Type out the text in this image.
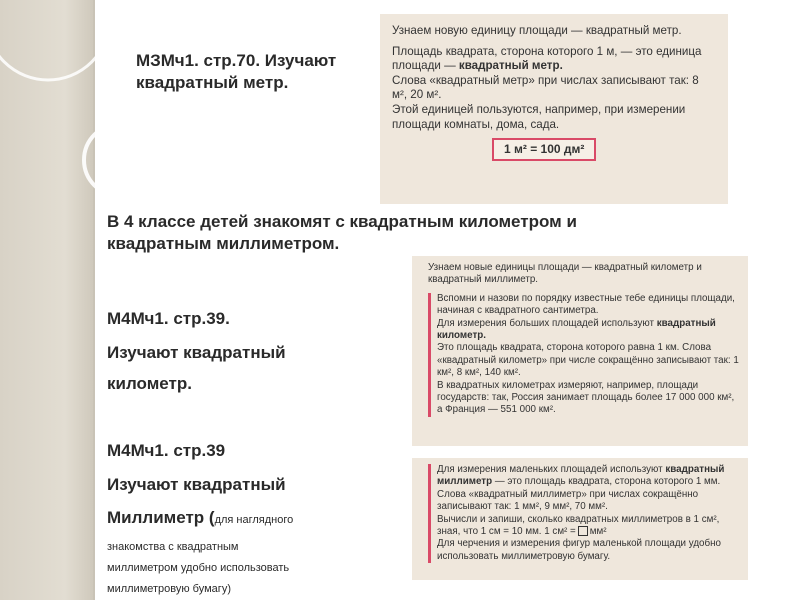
МЗМч1. стр.70. Изучают квадратный метр.
В 4 классе детей знакомят с квадратным километром и квадратным миллиметром.
М4Мч1. стр.39.
Изучают квадратный
километр.
М4Мч1. стр.39
Изучают квадратный
Миллиметр (для наглядного
знакомства с квадратным
миллиметром удобно использовать
миллиметровую бумагу)

Узнаем новую единицу площади — квадратный метр.

Площадь квадрата, сторона которого 1 м, — это единица площади — квадратный метр.

Слова «квадратный метр» при числах записывают так: 8 м², 20 м².

Этой единицей пользуются, например, при измерении площади комнаты, дома, сада.

1 м² = 100 дм²
Узнаем новые единицы площади — квадратный километр и квадратный миллиметр.
Вспомни и назови по порядку известные тебе единицы площади, начиная с квадратного сантиметра.
Для измерения больших площадей используют квадратный километр.
Это площадь квадрата, сторона которого равна 1 км. Слова «квадратный километр» при числе сокращённо записывают так: 1 км², 8 км², 140 км².
В квадратных километрах измеряют, например, площади государств: так, Россия занимает площадь более 17 000 000 км², а Франция — 551 000 км².
Для измерения маленьких площадей используют квадратный миллиметр — это площадь квадрата, сторона которого 1 мм. Слова «квадратный миллиметр» при числах сокращённо записывают так: 1 мм², 9 мм², 70 мм².
Вычисли и запиши, сколько квадратных миллиметров в 1 см², зная, что 1 см = 10 мм. 1 см² = мм²
Для черчения и измерения фигур маленькой площади удобно использовать миллиметровую бумагу.
